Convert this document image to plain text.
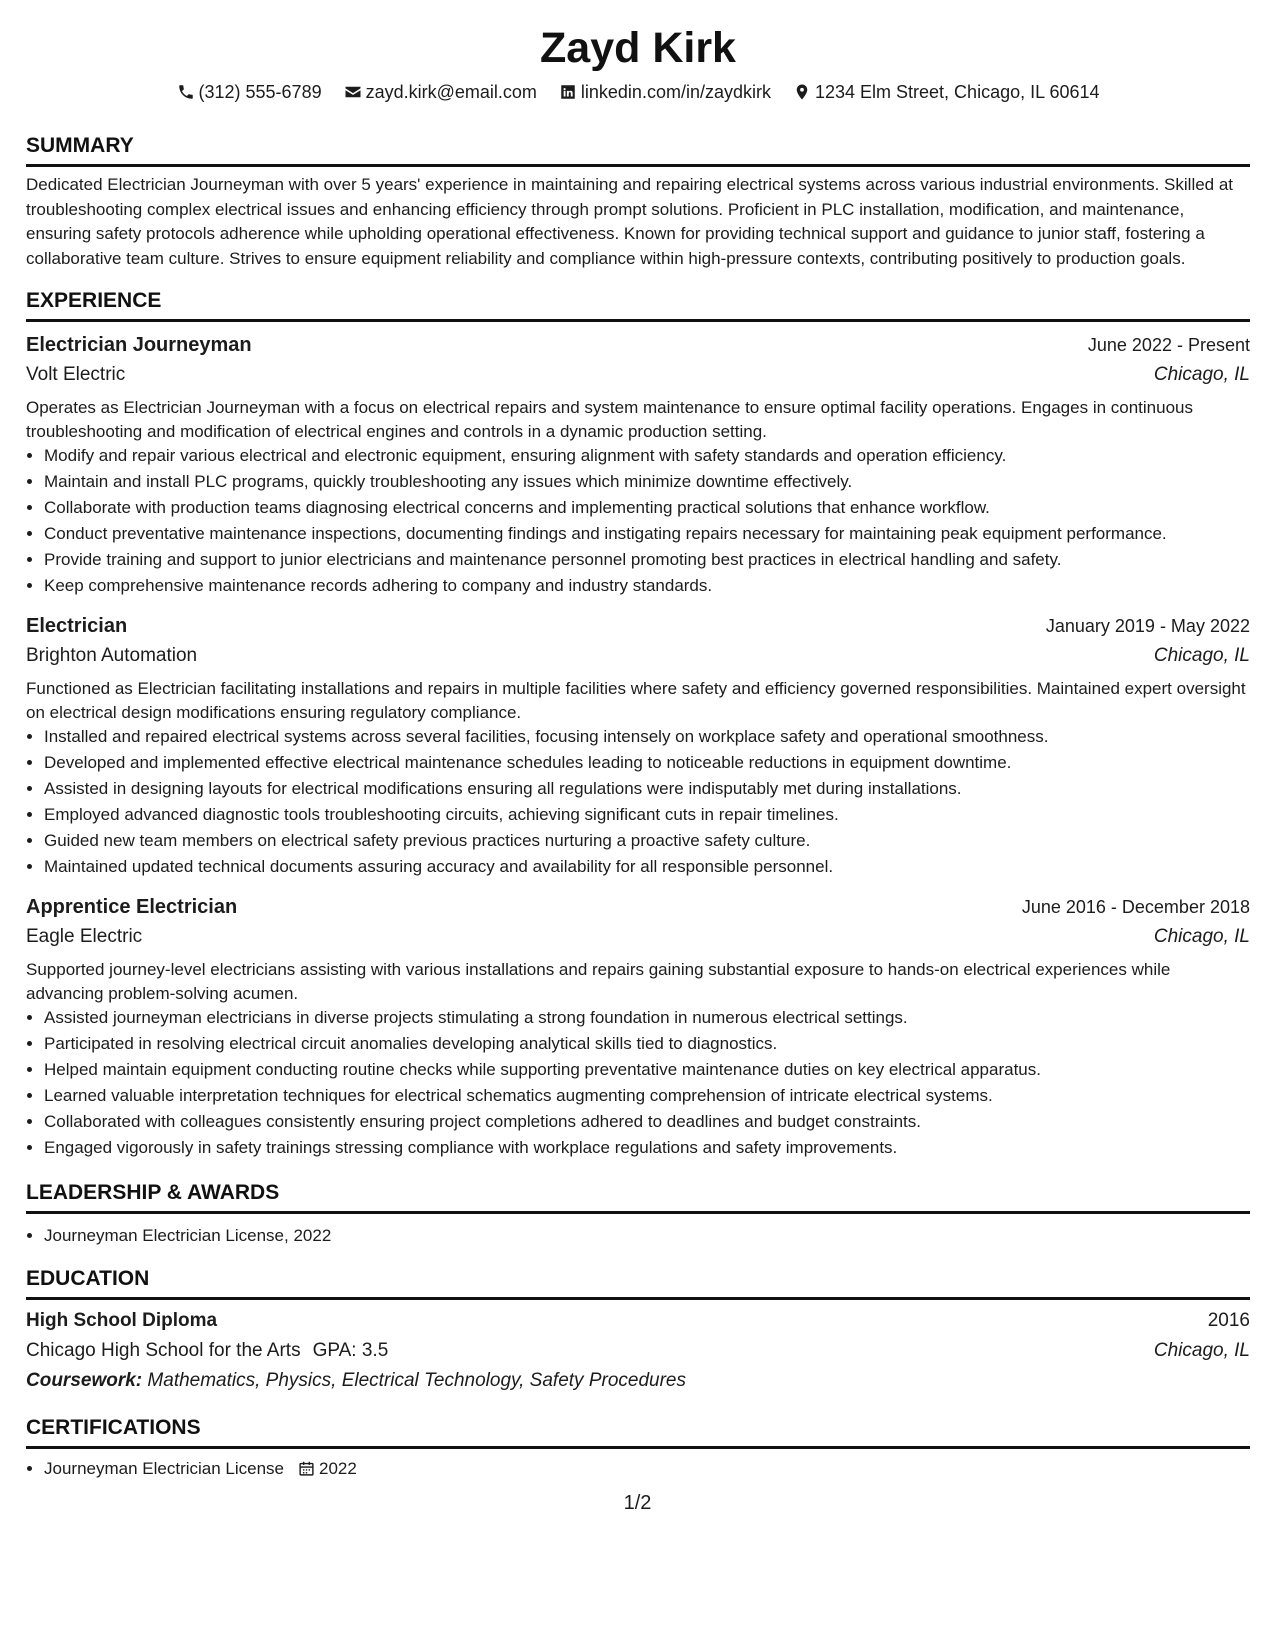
Zayd Kirk
(312) 555-6789 zayd.kirk@email.com linkedin.com/in/zaydkirk 1234 Elm Street, Chicago, IL 60614
SUMMARY

Dedicated Electrician Journeyman with over 5 years' experience in maintaining and repairing electrical systems across various industrial environments. Skilled at troubleshooting complex electrical issues and enhancing efficiency through prompt solutions. Proficient in PLC installation, modification, and maintenance, ensuring safety protocols adherence while upholding operational effectiveness. Known for providing technical support and guidance to junior staff, fostering a collaborative team culture. Strives to ensure equipment reliability and compliance within high-pressure contexts, contributing positively to production goals.

EXPERIENCE
Electrician Journeyman	June 2022 - Present
Volt Electric	Chicago, IL

Operates as Electrician Journeyman with a focus on electrical repairs and system maintenance to ensure optimal facility operations. Engages in continuous troubleshooting and modification of electrical engines and controls in a dynamic production setting.

• Modify and repair various electrical and electronic equipment, ensuring alignment with safety standards and operation efficiency.
• Maintain and install PLC programs, quickly troubleshooting any issues which minimize downtime effectively.
• Collaborate with production teams diagnosing electrical concerns and implementing practical solutions that enhance workflow.
• Conduct preventative maintenance inspections, documenting findings and instigating repairs necessary for maintaining peak equipment performance.
• Provide training and support to junior electricians and maintenance personnel promoting best practices in electrical handling and safety.
• Keep comprehensive maintenance records adhering to company and industry standards.
Electrician	January 2019 - May 2022
Brighton Automation	Chicago, IL

Functioned as Electrician facilitating installations and repairs in multiple facilities where safety and efficiency governed responsibilities. Maintained expert oversight on electrical design modifications ensuring regulatory compliance.

• Installed and repaired electrical systems across several facilities, focusing intensely on workplace safety and operational smoothness.
• Developed and implemented effective electrical maintenance schedules leading to noticeable reductions in equipment downtime.
• Assisted in designing layouts for electrical modifications ensuring all regulations were indisputably met during installations.
• Employed advanced diagnostic tools troubleshooting circuits, achieving significant cuts in repair timelines.
• Guided new team members on electrical safety previous practices nurturing a proactive safety culture.
• Maintained updated technical documents assuring accuracy and availability for all responsible personnel.
Apprentice Electrician	June 2016 - December 2018
Eagle Electric	Chicago, IL

Supported journey-level electricians assisting with various installations and repairs gaining substantial exposure to hands-on electrical experiences while advancing problem-solving acumen.

• Assisted journeyman electricians in diverse projects stimulating a strong foundation in numerous electrical settings.
• Participated in resolving electrical circuit anomalies developing analytical skills tied to diagnostics.
• Helped maintain equipment conducting routine checks while supporting preventative maintenance duties on key electrical apparatus.
• Learned valuable interpretation techniques for electrical schematics augmenting comprehension of intricate electrical systems.
• Collaborated with colleagues consistently ensuring project completions adhered to deadlines and budget constraints.
• Engaged vigorously in safety trainings stressing compliance with workplace regulations and safety improvements.
LEADERSHIP & AWARDS
• Journeyman Electrician License, 2022
EDUCATION
High School Diploma	2016
Chicago High School for the Arts GPA: 3.5	Chicago, IL
Coursework: Mathematics, Physics, Electrical Technology, Safety Procedures
CERTIFICATIONS
• Journeyman Electrician License 2022
1/2
